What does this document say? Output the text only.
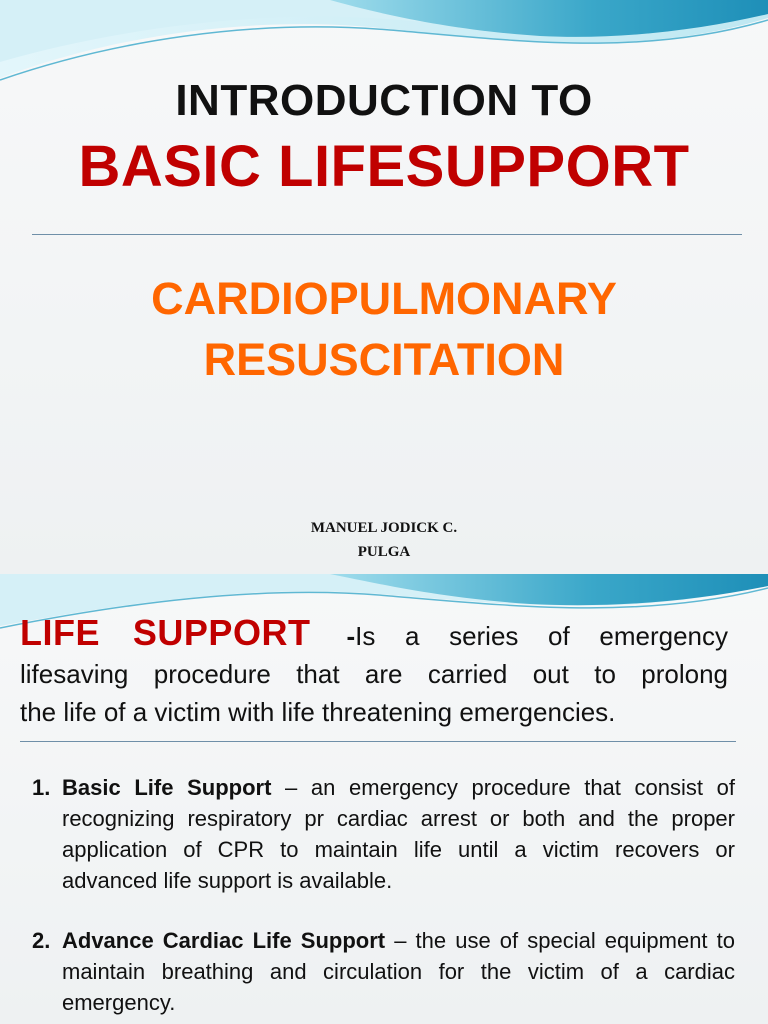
INTRODUCTION TO
BASIC LIFESUPPORT
CARDIOPULMONARY
RESUSCITATION
MANUEL JODICK C.
PULGA
LIFE SUPPORT -Is a series of emergency
lifesaving procedure that are carried out to prolong
the life of a victim with life threatening emergencies.
1. Basic Life Support – an emergency procedure that consist of recognizing respiratory pr cardiac arrest or both and the proper application of CPR to maintain life until a victim recovers or advanced life support is available.
2. Advance Cardiac Life Support – the use of special equipment to maintain breathing and circulation for the victim of a cardiac emergency.
